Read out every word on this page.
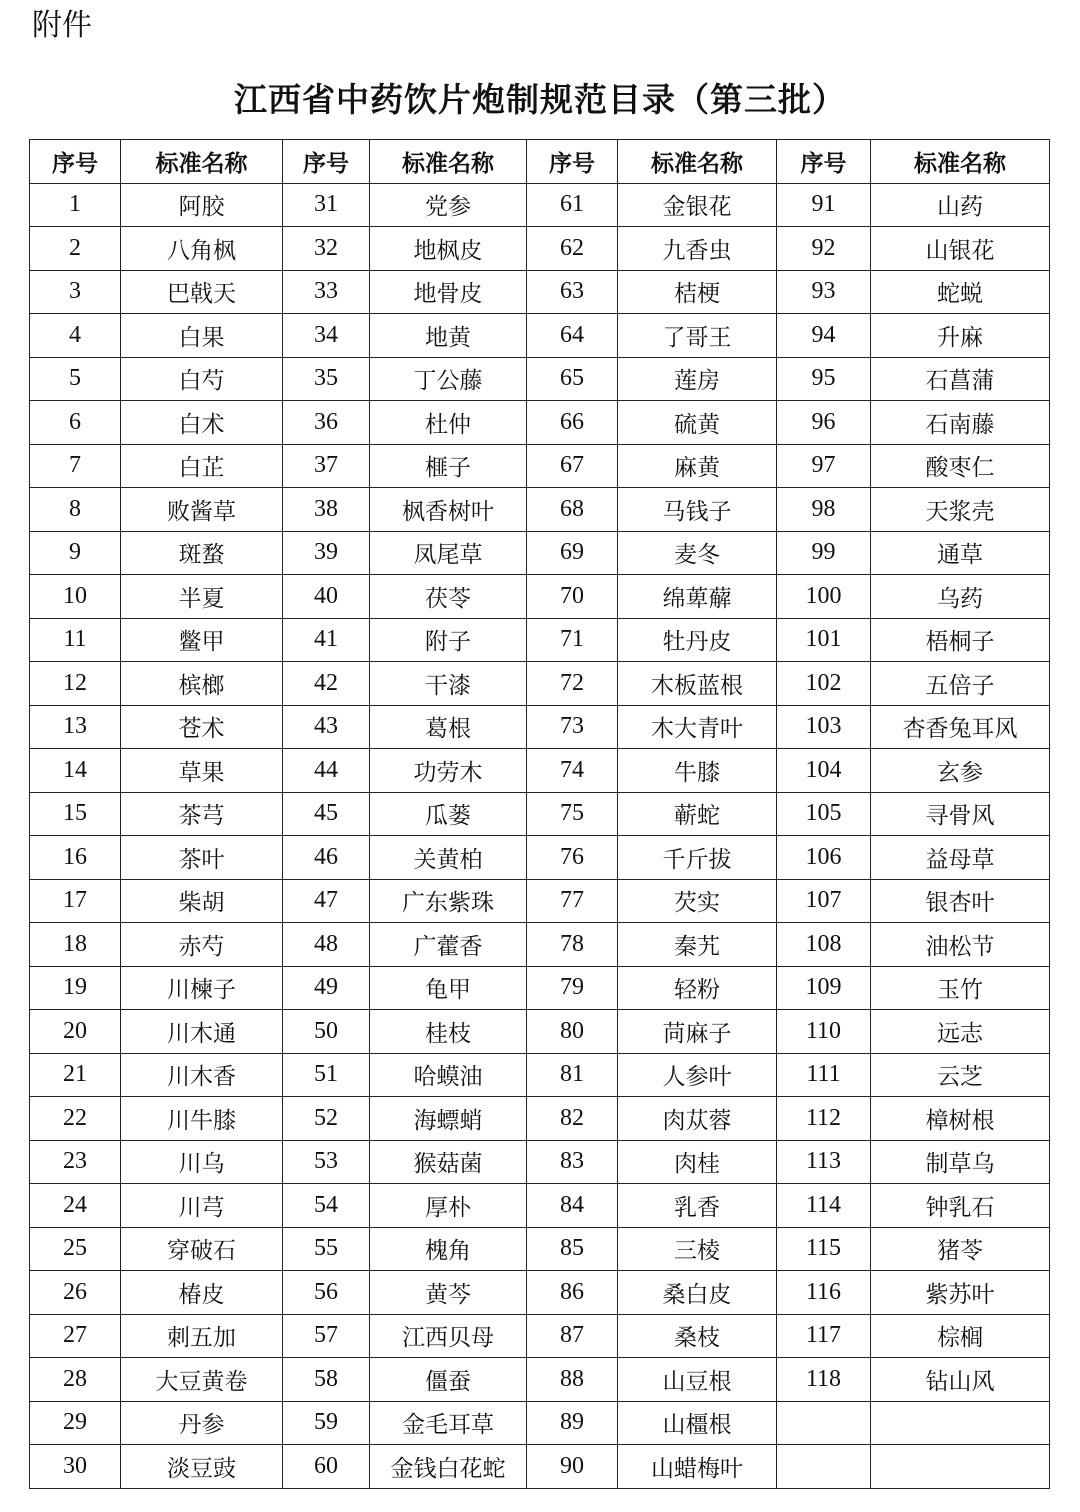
附件
江西省中药饮片炮制规范目录（第三批）
序号	标准名称	序号	标准名称	序号	标准名称	序号	标准名称
1	阿胶	31	党参	61	金银花	91	山药
2	八角枫	32	地枫皮	62	九香虫	92	山银花
3	巴戟天	33	地骨皮	63	桔梗	93	蛇蜕
4	白果	34	地黄	64	了哥王	94	升麻
5	白芍	35	丁公藤	65	莲房	95	石菖蒲
6	白术	36	杜仲	66	硫黄	96	石南藤
7	白芷	37	榧子	67	麻黄	97	酸枣仁
8	败酱草	38	枫香树叶	68	马钱子	98	天浆壳
9	斑蝥	39	凤尾草	69	麦冬	99	通草
10	半夏	40	茯苓	70	绵萆薢	100	乌药
11	鳖甲	41	附子	71	牡丹皮	101	梧桐子
12	槟榔	42	干漆	72	木板蓝根	102	五倍子
13	苍术	43	葛根	73	木大青叶	103	杏香兔耳风
14	草果	44	功劳木	74	牛膝	104	玄参
15	茶芎	45	瓜蒌	75	蕲蛇	105	寻骨风
16	茶叶	46	关黄柏	76	千斤拔	106	益母草
17	柴胡	47	广东紫珠	77	芡实	107	银杏叶
18	赤芍	48	广藿香	78	秦艽	108	油松节
19	川楝子	49	龟甲	79	轻粉	109	玉竹
20	川木通	50	桂枝	80	苘麻子	110	远志
21	川木香	51	哈蟆油	81	人参叶	111	云芝
22	川牛膝	52	海螵蛸	82	肉苁蓉	112	樟树根
23	川乌	53	猴菇菌	83	肉桂	113	制草乌
24	川芎	54	厚朴	84	乳香	114	钟乳石
25	穿破石	55	槐角	85	三棱	115	猪苓
26	椿皮	56	黄芩	86	桑白皮	116	紫苏叶
27	刺五加	57	江西贝母	87	桑枝	117	棕榈
28	大豆黄卷	58	僵蚕	88	山豆根	118	钻山风
29	丹参	59	金毛耳草	89	山橿根		
30	淡豆豉	60	金钱白花蛇	90	山蜡梅叶		
